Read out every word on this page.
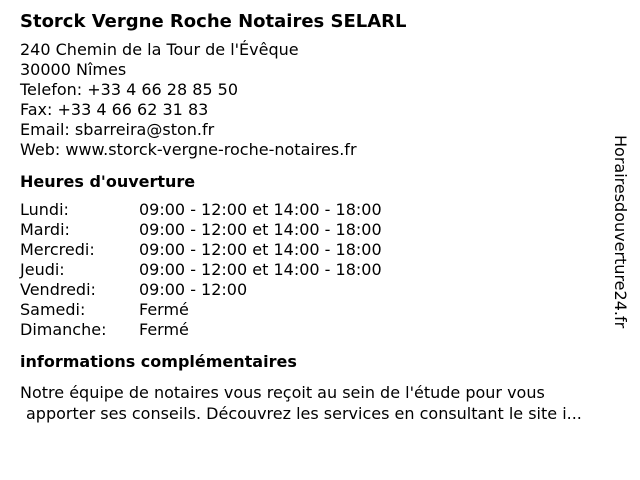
Storck Vergne Roche Notaires SELARL
240 Chemin de la Tour de l'Évêque
30000 Nîmes
Telefon: +33 4 66 28 85 50
Fax: +33 4 66 62 31 83
Email: sbarreira@ston.fr
Web: www.storck-vergne-roche-notaires.fr
Heures d'ouverture
Lundi:	09:00 - 12:00 et 14:00 - 18:00
Mardi:	09:00 - 12:00 et 14:00 - 18:00
Mercredi:	09:00 - 12:00 et 14:00 - 18:00
Jeudi:	09:00 - 12:00 et 14:00 - 18:00
Vendredi:	09:00 - 12:00
Samedi:	Fermé
Dimanche: Fermé
informations complémentaires
Notre équipe de notaires vous reçoit au sein de l'étude pour vous
apporter ses conseils. Découvrez les services en consultant le site i...
Horairesdouverture24.fr
